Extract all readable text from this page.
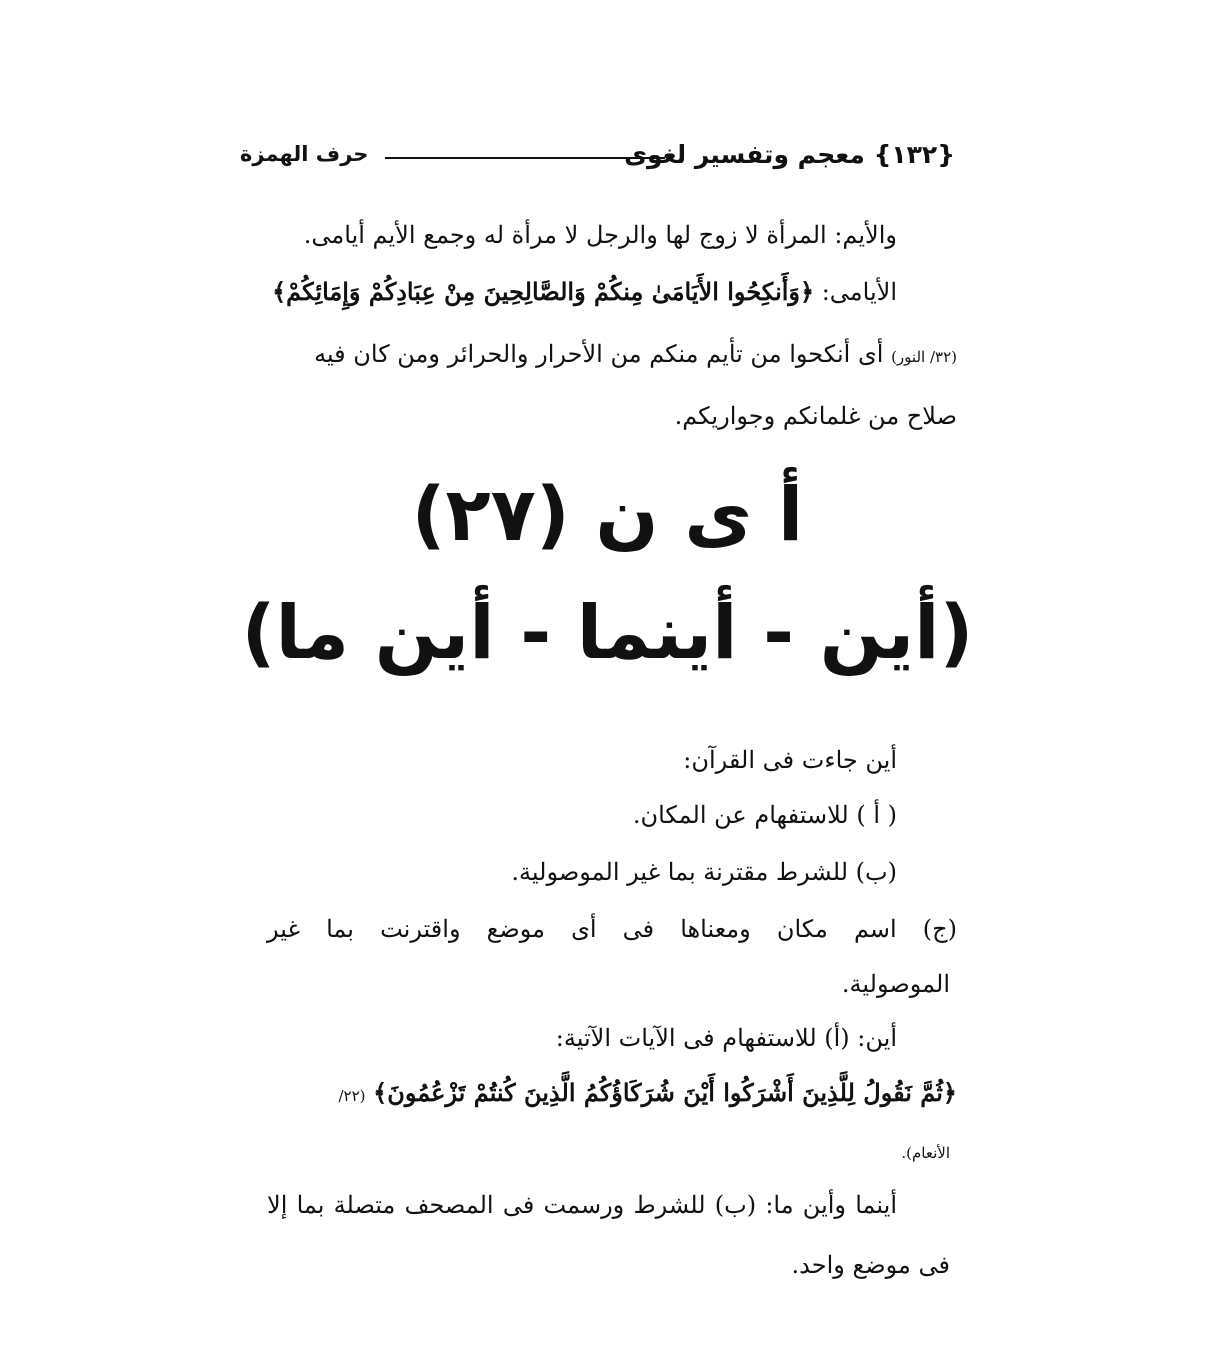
{١٣٢} معجم وتفسير لغوى
حرف الهمزة
والأيم: المرأة لا زوج لها والرجل لا مرأة له وجمع الأيم أيامى.
الأيامى: ﴿وَأَنكِحُوا الأَيَامَىٰ مِنكُمْ وَالصَّالِحِينَ مِنْ عِبَادِكُمْ وَإِمَائِكُمْ﴾
(٣٢/ النور) أى أنكحوا من تأيم منكم من الأحرار والحرائر ومن كان فيه
صلاح من غلمانكم وجواريكم.
أ ى ن (٢٧)
(أين - أينما - أين ما)
أين جاءت فى القرآن:
( أ ) للاستفهام عن المكان.
(ب) للشرط مقترنة بما غير الموصولية.
(ج) اسم مكان ومعناها فى أى موضع واقترنت بما غير
الموصولية.
أين: (أ) للاستفهام فى الآيات الآتية:
﴿ثُمَّ نَقُولُ لِلَّذِينَ أَشْرَكُوا أَيْنَ شُرَكَاؤُكُمُ الَّذِينَ كُنتُمْ تَزْعُمُونَ﴾ (٢٢/
الأنعام).
أينما وأين ما: (ب) للشرط ورسمت فى المصحف متصلة بما إلا
فى موضع واحد.
